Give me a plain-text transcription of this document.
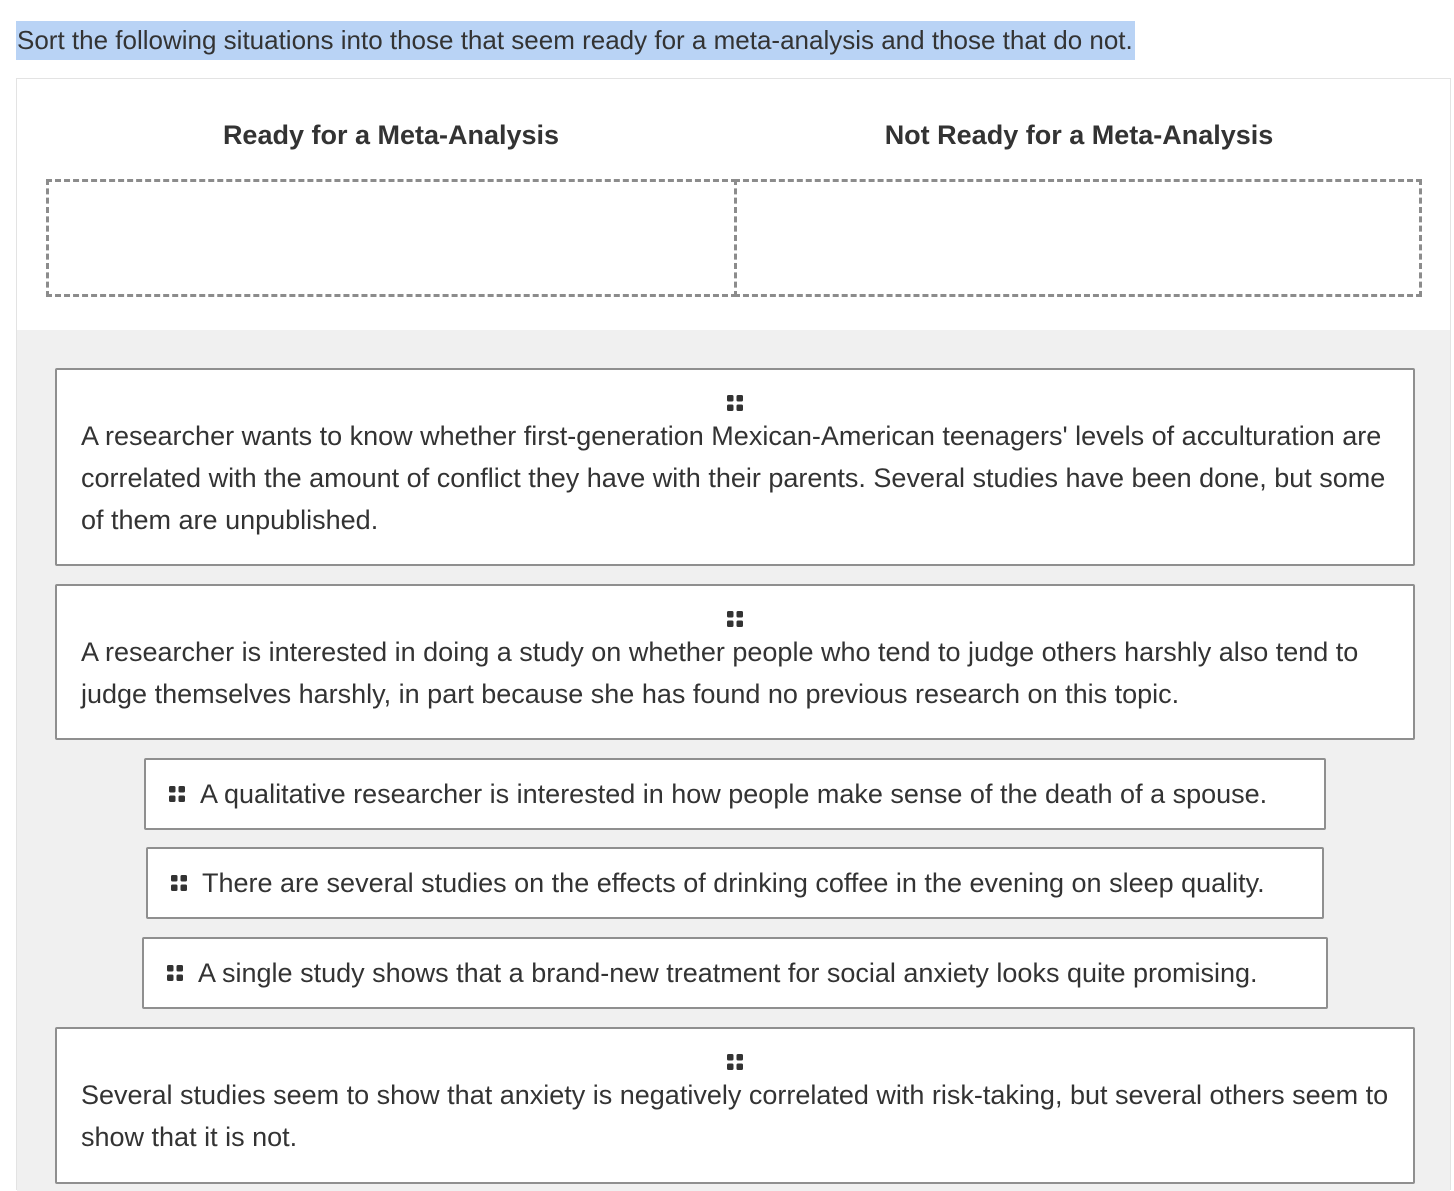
Sort the following situations into those that seem ready for a meta-analysis and those that do not.
Ready for a Meta-Analysis	Not Ready for a Meta-Analysis
A researcher wants to know whether first-generation Mexican-American teenagers' levels of acculturation are correlated with the amount of conflict they have with their parents. Several studies have been done, but some of them are unpublished.
A researcher is interested in doing a study on whether people who tend to judge others harshly also tend to judge themselves harshly, in part because she has found no previous research on this topic.
A qualitative researcher is interested in how people make sense of the death of a spouse.
There are several studies on the effects of drinking coffee in the evening on sleep quality.
A single study shows that a brand-new treatment for social anxiety looks quite promising.
Several studies seem to show that anxiety is negatively correlated with risk-taking, but several others seem to show that it is not.
